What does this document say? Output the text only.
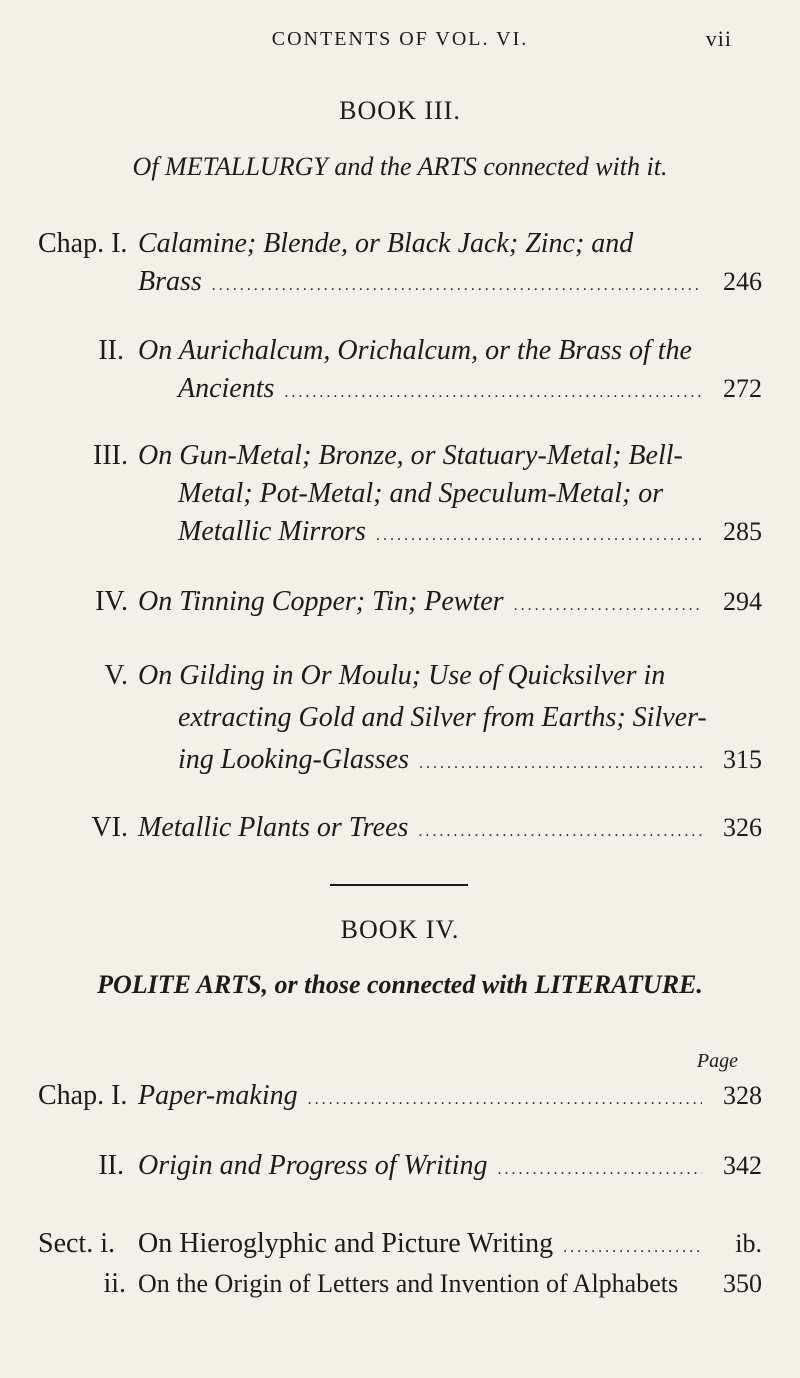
CONTENTS OF VOL. VI.	vii
BOOK III.
Of METALLURGY and the ARTS connected with it.
Chap. I. Calamine; Blende, or Black Jack; Zinc; and
Brass .....	246
II. On Aurichalcum, Orichalcum, or the Brass of the
Ancients .....	272
III. On Gun-Metal; Bronze, or Statuary-Metal; Bell-
Metal; Pot-Metal; and Speculum-Metal; or
Metallic Mirrors .....	285
IV. On Tinning Copper; Tin; Pewter .....	294
V. On Gilding in Or Moulu; Use of Quicksilver in
extracting Gold and Silver from Earths; Silver-
ing Looking-Glasses .....	315
VI. Metallic Plants or Trees .....	326
BOOK IV.
POLITE ARTS, or those connected with LITERATURE.
Page
Chap. I. Paper-making .....	328
II. Origin and Progress of Writing .....	342
Sect. i. On Hieroglyphic and Picture Writing .....	ib.
ii. On the Origin of Letters and Invention of Alphabets	350
